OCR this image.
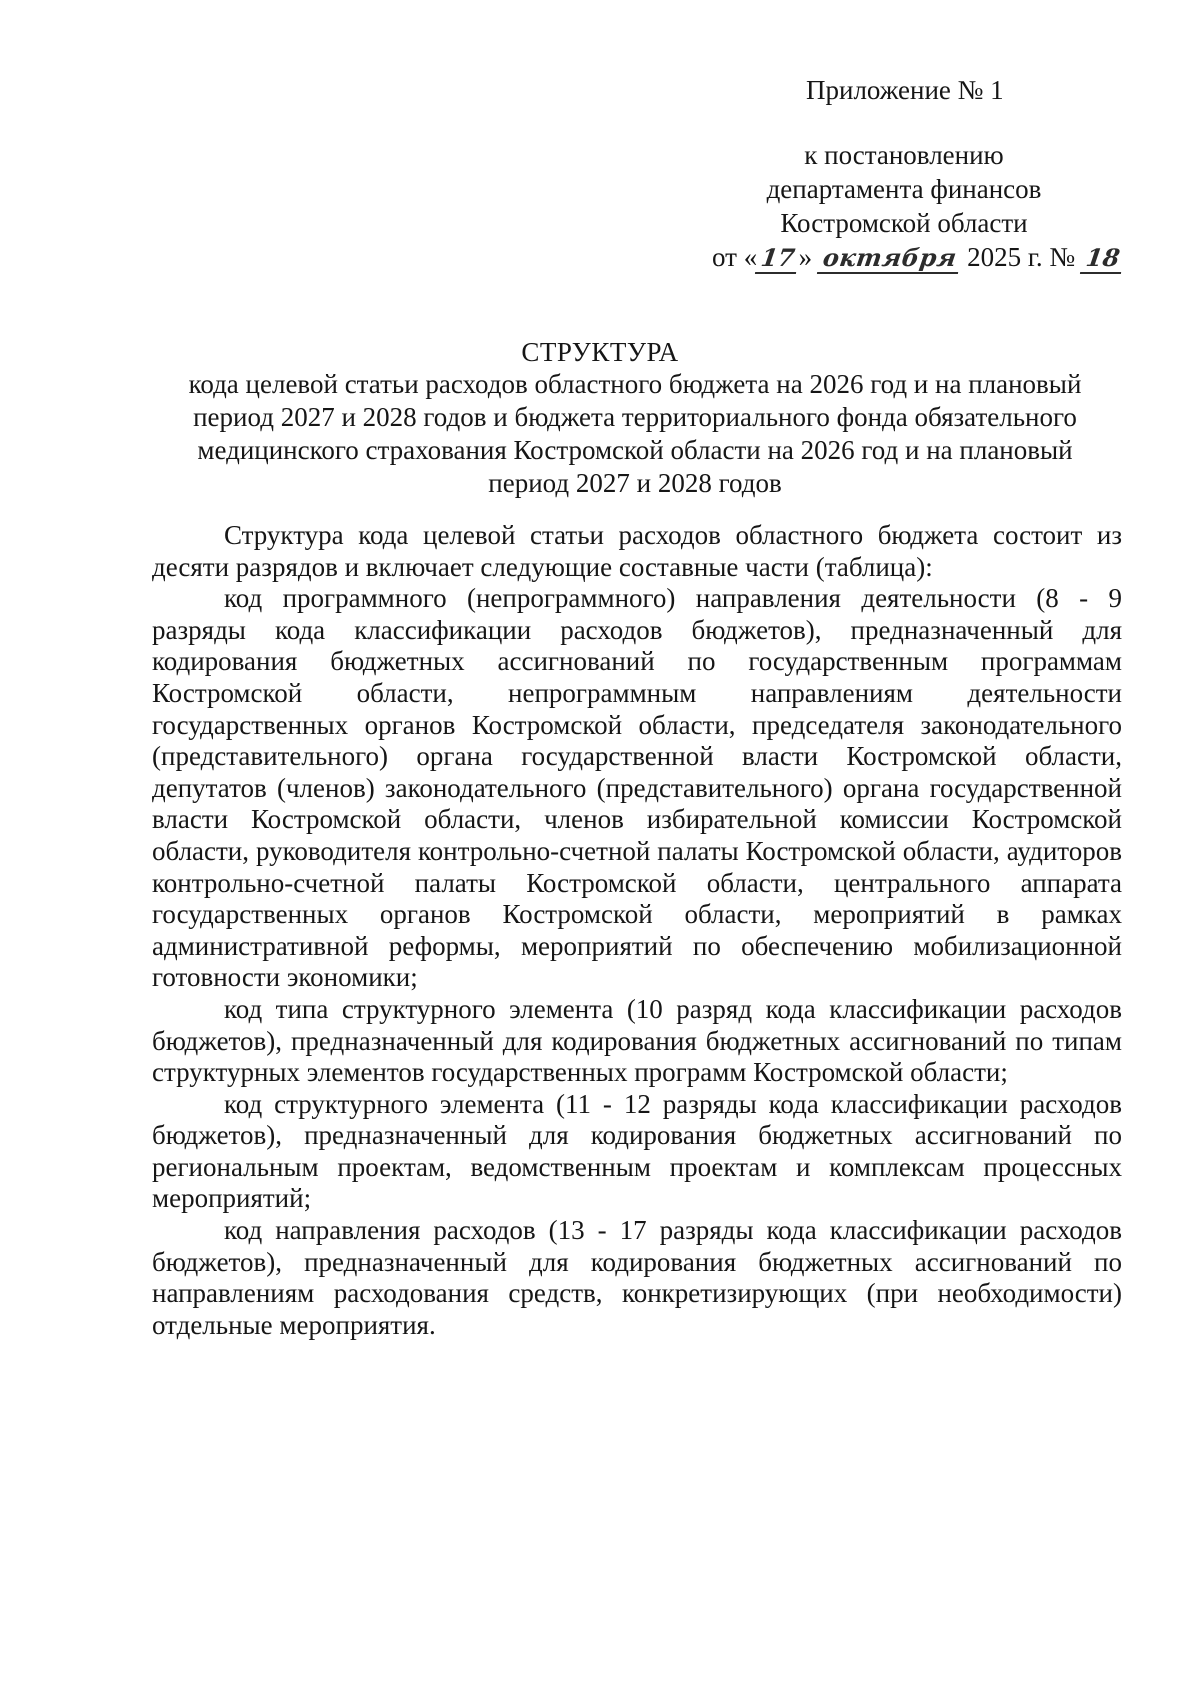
Приложение № 1
к постановлению
департамента финансов
Костромской области
от «17» октября 2025 г. № 18
СТРУКТУРА
кода целевой статьи расходов областного бюджета на 2026 год и на плановый
период 2027 и 2028 годов и бюджета территориального фонда обязательного
медицинского страхования Костромской области на 2026 год и на плановый
период 2027 и 2028 годов

Структура кода целевой статьи расходов областного бюджета состоит из десяти разрядов и включает следующие составные части (таблица):

код программного (непрограммного) направления деятельности (8 - 9 разряды кода классификации расходов бюджетов), предназначенный для кодирования бюджетных ассигнований по государственным программам Костромской области, непрограммным направлениям деятельности государственных органов Костромской области, председателя законодательного (представительного) органа государственной власти Костромской области, депутатов (членов) законодательного (представительного) органа государственной власти Костромской области, членов избирательной комиссии Костромской области, руководителя контрольно-счетной палаты Костромской области, аудиторов контрольно-счетной палаты Костромской области, центрального аппарата государственных органов Костромской области, мероприятий в рамках административной реформы, мероприятий по обеспечению мобилизационной готовности экономики;

код типа структурного элемента (10 разряд кода классификации расходов бюджетов), предназначенный для кодирования бюджетных ассигнований по типам структурных элементов государственных программ Костромской области;

код структурного элемента (11 - 12 разряды кода классификации расходов бюджетов), предназначенный для кодирования бюджетных ассигнований по региональным проектам, ведомственным проектам и комплексам процессных мероприятий;

код направления расходов (13 - 17 разряды кода классификации расходов бюджетов), предназначенный для кодирования бюджетных ассигнований по направлениям расходования средств, конкретизирующих (при необходимости) отдельные мероприятия.
